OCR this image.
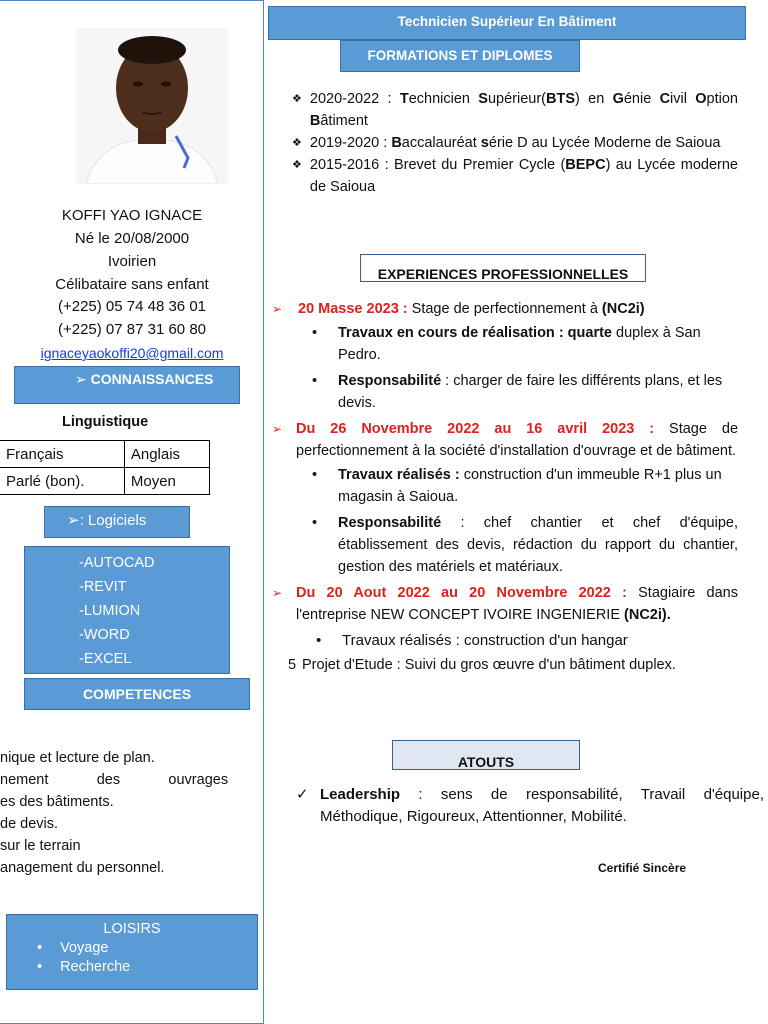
KOFFI YAO IGNACE
Né le 20/08/2000
Ivoirien
Célibataire sans enfant
(+225) 05 74 48 36 01
(+225) 07 87 31 60 80
ignaceyaokoffi20@gmail.com
➢ CONNAISSANCES
Linguistique
Français	Anglais
Parlé (bon).	Moyen
➢: Logiciels
-AUTOCAD
-REVIT
-LUMION
-WORD
-EXCEL
COMPETENCES
nique et lecture de plan.
nement            des            ouvrages
es des bâtiments.
de devis.
sur le terrain
anagement du personnel.
LOISIRS
• Voyage
• Recherche
Technicien Supérieur En Bâtiment
FORMATIONS ET DIPLOMES
❖ 2020-2022 : Technicien Supérieur(BTS) en Génie Civil Option Bâtiment
❖ 2019-2020 : Baccalauréat série D au Lycée Moderne de Saioua
❖ 2015-2016 : Brevet du Premier Cycle (BEPC) au Lycée moderne de Saioua
EXPERIENCES PROFESSIONNELLES
➢	20 Masse 2023 : Stage de perfectionnement à (NC2i)
•	Travaux en cours de réalisation : quarte duplex à San Pedro.
•	Responsabilité : charger de faire les différents plans, et les devis.
➢ Du 26 Novembre 2022 au 16 avril 2023 : Stage de perfectionnement à la société d'installation d'ouvrage et de bâtiment.
•	Travaux réalisés : construction d'un immeuble R+1 plus un magasin à Saioua.
•	Responsabilité : chef chantier et chef d'équipe, établissement des devis, rédaction du rapport du chantier, gestion des matériels et matériaux.
➢ Du 20 Aout 2022 au 20 Novembre 2022 : Stagiaire dans l'entreprise NEW CONCEPT IVOIRE INGENIERIE (NC2i).
•	Travaux réalisés : construction d'un hangar
5 Projet d'Etude : Suivi du gros œuvre d'un bâtiment duplex.
ATOUTS
✓ Leadership : sens de responsabilité, Travail d'équipe, Méthodique, Rigoureux, Attentionner, Mobilité.
Certifié Sincère
